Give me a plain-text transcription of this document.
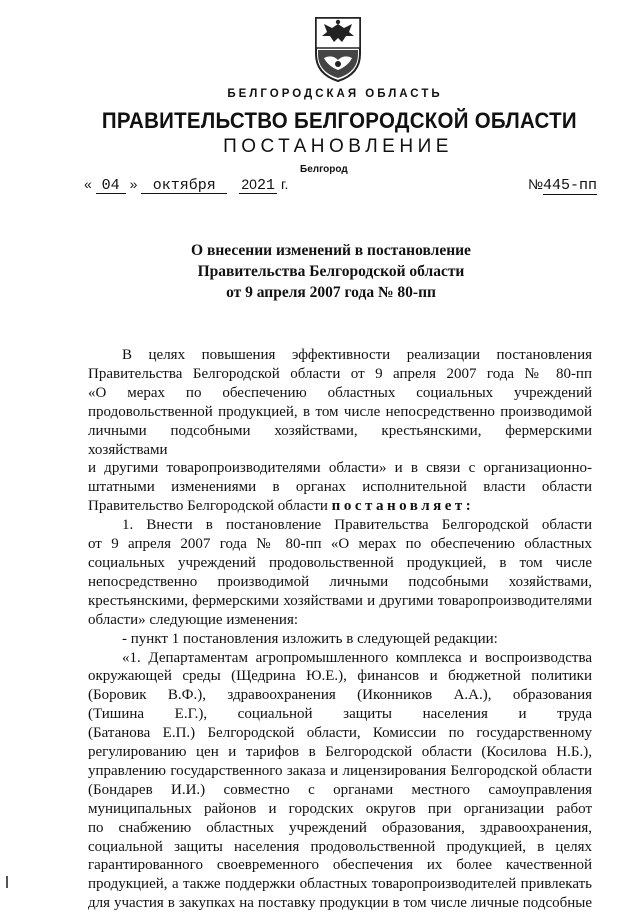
БЕЛГОРОДСКАЯ ОБЛАСТЬ
ПРАВИТЕЛЬСТВО БЕЛГОРОДСКОЙ ОБЛАСТИ
ПОСТАНОВЛЕНИЕ
Белгород
« 04 » октября 2021 г.	№445-пп
О внесении изменений в постановление
Правительства Белгородской области
от 9 апреля 2007 года № 80-пп

В целях повышения эффективности реализации постановления

Правительства Белгородской области от 9 апреля 2007 года № 80-пп

«О мерах по обеспечению областных социальных учреждений

продовольственной продукцией, в том числе непосредственно производимой

личными подсобными хозяйствами, крестьянскими, фермерскими хозяйствами

и другими товаропроизводителями области» и в связи с организационно-

штатными изменениями в органах исполнительной власти области

Правительство Белгородской области постановляет:

1. Внести в постановление Правительства Белгородской области

от 9 апреля 2007 года № 80-пп «О мерах по обеспечению областных

социальных учреждений продовольственной продукцией, в том числе

непосредственно производимой личными подсобными хозяйствами,

крестьянскими, фермерскими хозяйствами и другими товаропроизводителями

области» следующие изменения:

- пункт 1 постановления изложить в следующей редакции:

«1. Департаментам агропромышленного комплекса и воспроизводства

окружающей среды (Щедрина Ю.Е.), финансов и бюджетной политики

(Боровик В.Ф.), здравоохранения (Иконников А.А.), образования

(Тишина Е.Г.), социальной защиты населения и труда

(Батанова Е.П.) Белгородской области, Комиссии по государственному

регулированию цен и тарифов в Белгородской области (Косилова Н.Б.),

управлению государственного заказа и лицензирования Белгородской области

(Бондарев И.И.) совместно с органами местного самоуправления

муниципальных районов и городских округов при организации работ

по снабжению областных учреждений образования, здравоохранения,

социальной защиты населения продовольственной продукцией, в целях

гарантированного своевременного обеспечения их более качественной

продукцией, а также поддержки областных товаропроизводителей привлекать

для участия в закупках на поставку продукции в том числе личные подсобные
